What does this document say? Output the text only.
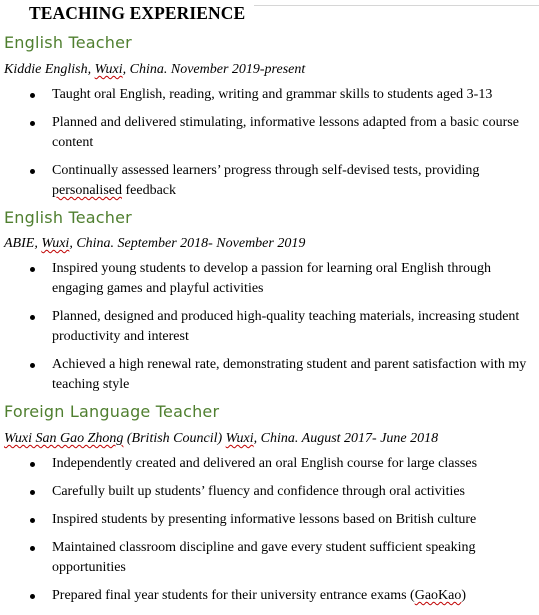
TEACHING EXPERIENCE
English Teacher
Kiddie English, Wuxi, China. November 2019-present
Taught oral English, reading, writing and grammar skills to students aged 3-13
Planned and delivered stimulating, informative lessons adapted from a basic course content
Continually assessed learners’ progress through self-devised tests, providing personalised feedback
English Teacher
ABIE, Wuxi, China. September 2018- November 2019
Inspired young students to develop a passion for learning oral English through engaging games and playful activities
Planned, designed and produced high-quality teaching materials, increasing student productivity and interest
Achieved a high renewal rate, demonstrating student and parent satisfaction with my teaching style
Foreign Language Teacher
Wuxi San Gao Zhong (British Council) Wuxi, China. August 2017- June 2018
Independently created and delivered an oral English course for large classes
Carefully built up students’ fluency and confidence through oral activities
Inspired students by presenting informative lessons based on British culture
Maintained classroom discipline and gave every student sufficient speaking opportunities
Prepared final year students for their university entrance exams (GaoKao)
